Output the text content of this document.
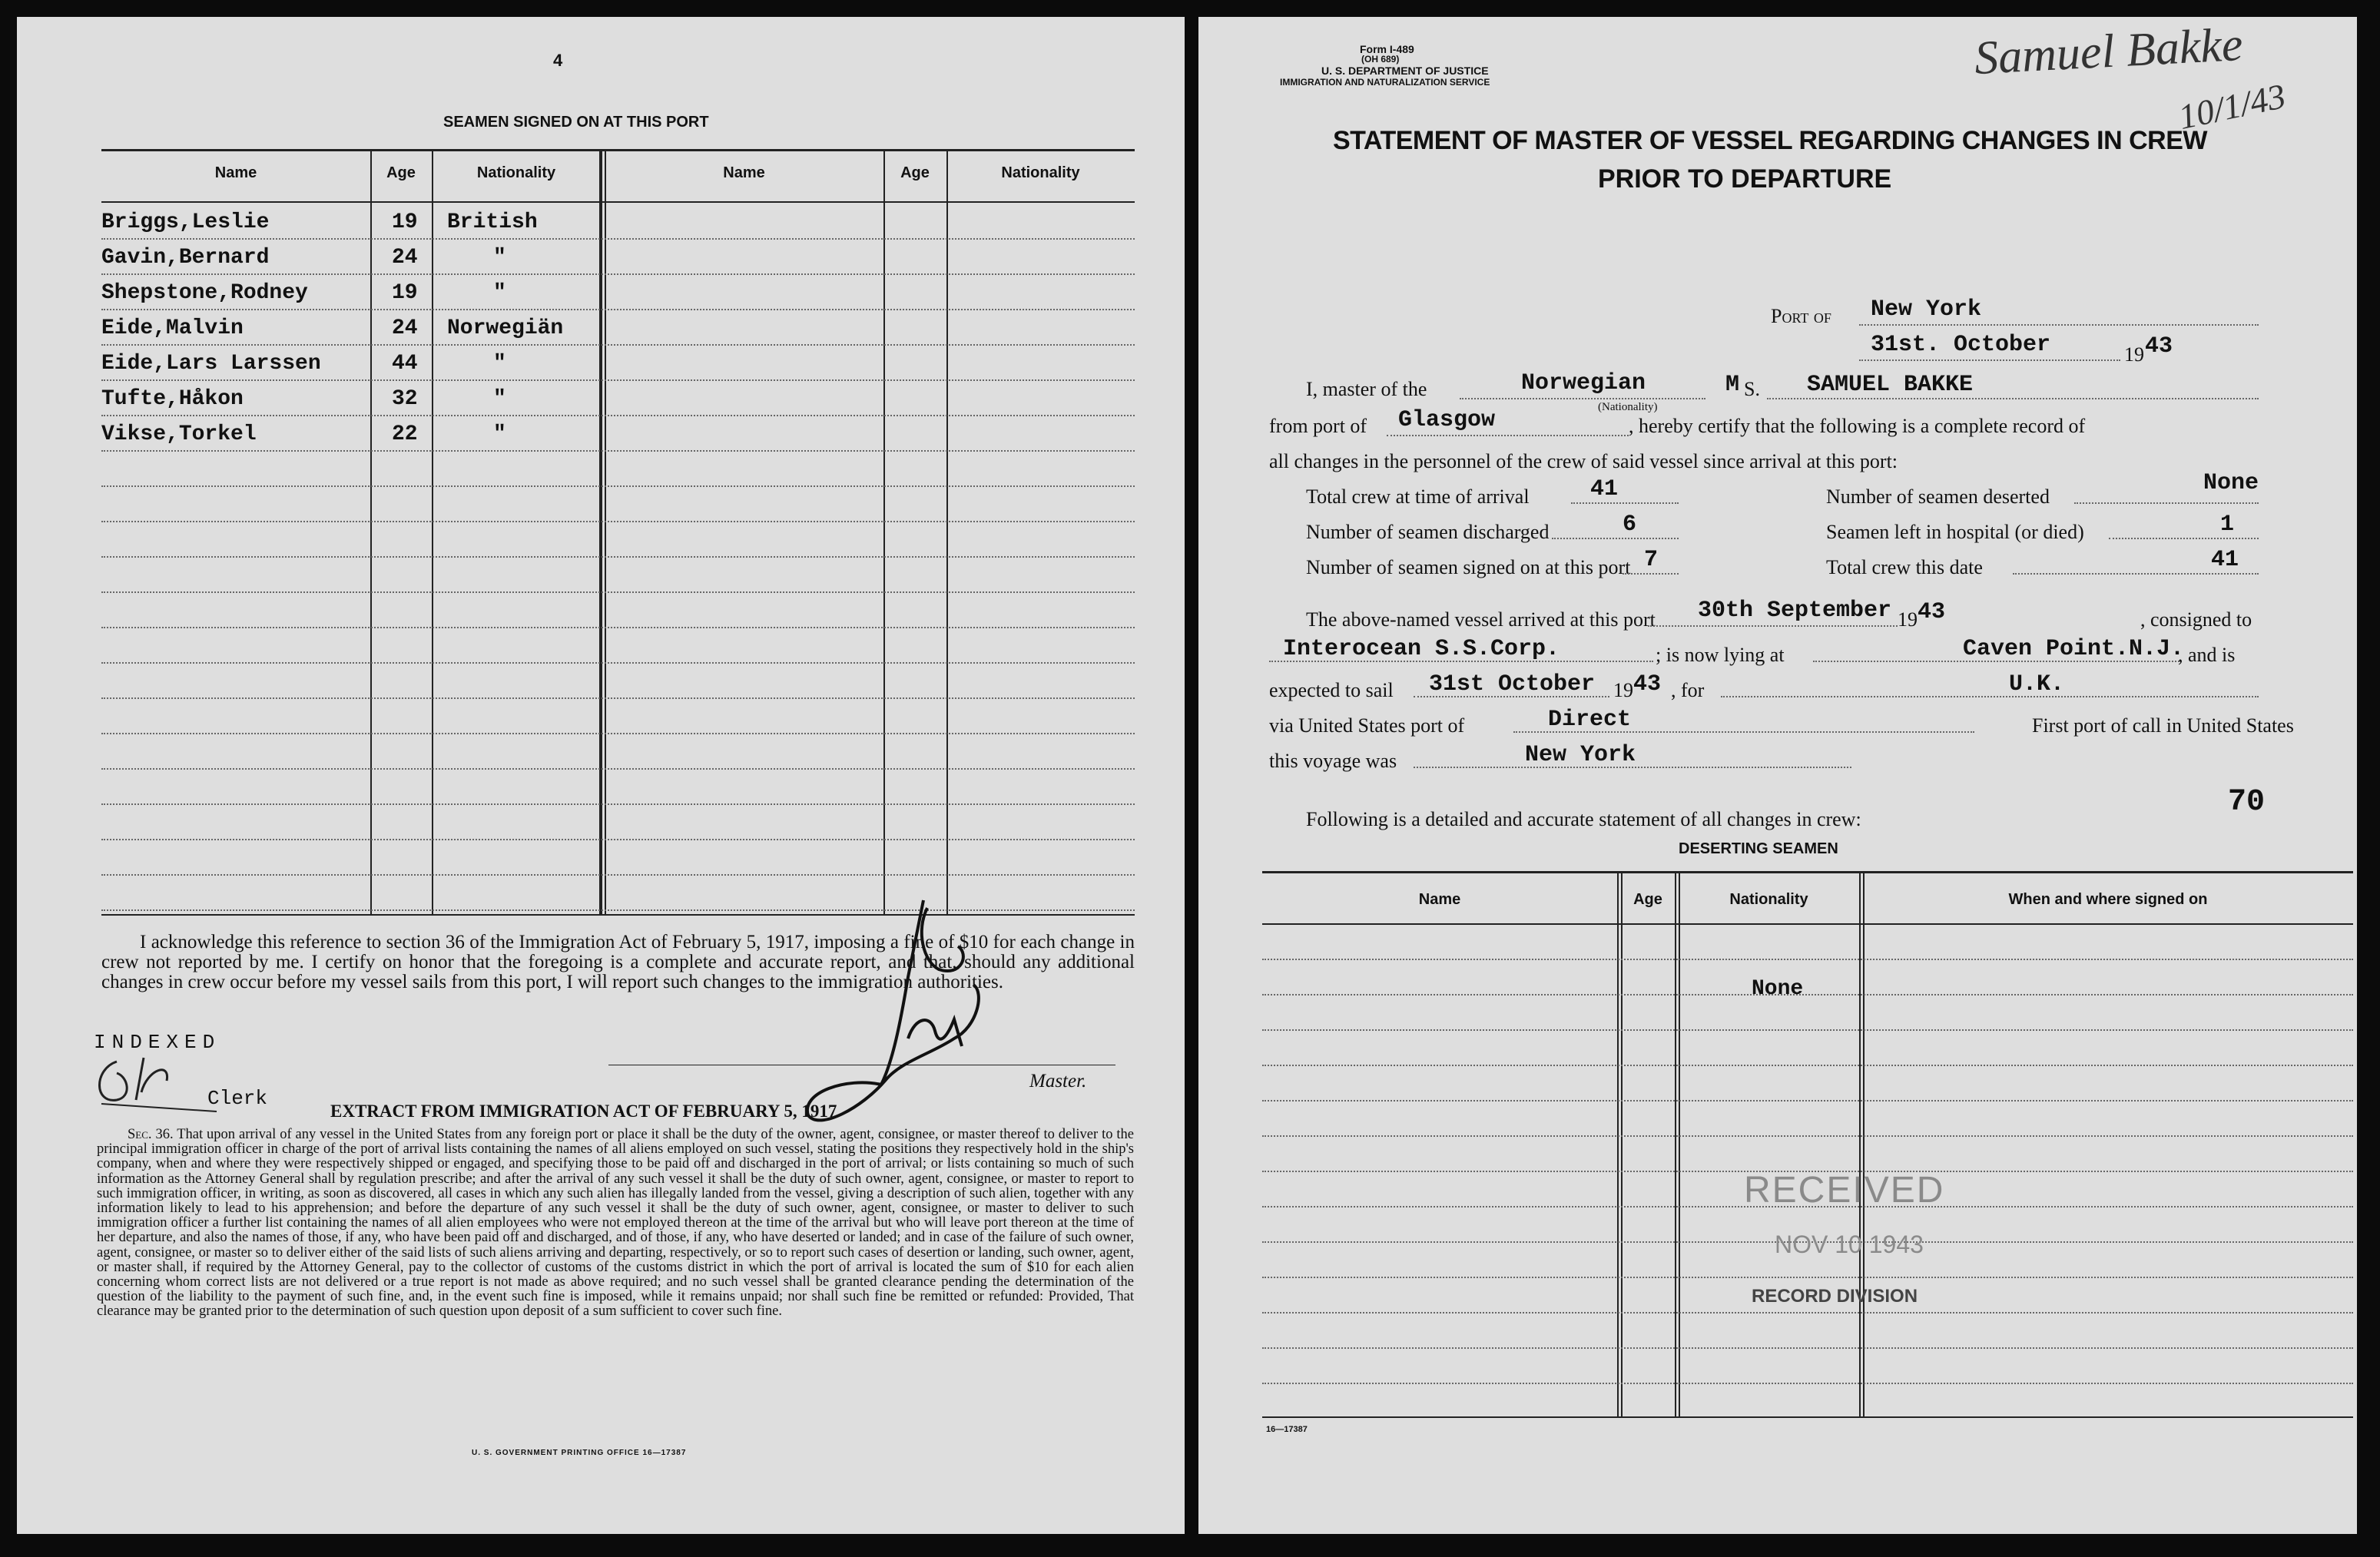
4
SEAMEN SIGNED ON AT THIS PORT
Name	Age	Nationality	Name	Age	Nationality
Briggs,Leslie	19 British
Gavin,Bernard	24	"
Shepstone,Rodney	19	"
Eide,Malvin	24 Norwegiän
Eide,Lars Larssen	44	"
Tufte,Håkon	32	"
Vikse,Torkel	22	"
I acknowledge this reference to section 36 of the Immigration Act of February 5, 1917, imposing a fine of $10 for each change in crew not reported by me. I certify on honor that the foregoing is a complete and accurate report, and that, should any additional changes in crew occur before my vessel sails from this port, I will report such changes to the immigration authorities.
INDEXED
Clerk
Master.
EXTRACT FROM IMMIGRATION ACT OF FEBRUARY 5, 1917
Sec. 36. That upon arrival of any vessel in the United States from any foreign port or place it shall be the duty of the owner, agent, consignee, or master thereof to deliver to the principal immigration officer in charge of the port of arrival lists containing the names of all aliens employed on such vessel, stating the positions they respectively hold in the ship's company, when and where they were respectively shipped or engaged, and specifying those to be paid off and discharged in the port of arrival; or lists containing so much of such information as the Attorney General shall by regulation prescribe; and after the arrival of any such vessel it shall be the duty of such owner, agent, consignee, or master to report to such immigration officer, in writing, as soon as discovered, all cases in which any such alien has illegally landed from the vessel, giving a description of such alien, together with any information likely to lead to his apprehension; and before the departure of any such vessel it shall be the duty of such owner, agent, consignee, or master to deliver to such immigration officer a further list containing the names of all alien employees who were not employed thereon at the time of the arrival but who will leave port thereon at the time of her departure, and also the names of those, if any, who have been paid off and discharged, and of those, if any, who have deserted or landed; and in case of the failure of such owner, agent, consignee, or master so to deliver either of the said lists of such aliens arriving and departing, respectively, or so to report such cases of desertion or landing, such owner, agent, or master shall, if required by the Attorney General, pay to the collector of customs of the customs district in which the port of arrival is located the sum of $10 for each alien concerning whom correct lists are not delivered or a true report is not made as above required; and no such vessel shall be granted clearance pending the determination of the question of the liability to the payment of such fine, and, in the event such fine is imposed, while it remains unpaid; nor shall such fine be remitted or refunded: Provided, That clearance may be granted prior to the determination of such question upon deposit of a sum sufficient to cover such fine.
U. S. GOVERNMENT PRINTING OFFICE 16—17387
Form I-489
(OH 689)
U. S. DEPARTMENT OF JUSTICE
IMMIGRATION AND NATURALIZATION SERVICE	Samuel Bakke
10/1/43
STATEMENT OF MASTER OF VESSEL REGARDING CHANGES IN CREW
PRIOR TO DEPARTURE
Port of New York
31st. October	19 43
I, master of the	Norwegian
(Nationality)
M S. SAMUEL BAKKE
from port of Glasgow	, hereby certify that the following is a complete record of
all changes in the personnel of the crew of said vessel since arrival at this port:
Total crew at time of arrival	41	Number of seamen deserted
None
Number of seamen discharged	6	Seamen left in hospital (or died)	1
Number of seamen signed on at this port 7	Total crew this date	41
The above-named vessel arrived at this port 30th September 19 43	, consigned to
Interocean S.S.Corp.	; is now lying at	Caven Point.N.J.
, and is
expected to sail 31st October 19 43 , for	U.K.
via United States port of	Direct	First port of call in United States
this voyage was	New York
70
Following is a detailed and accurate statement of all changes in crew:
DESERTING SEAMEN
Name	Age	Nationality	When and where signed on
None
RECEIVED
NOV 10 1943
RECORD DIVISION
16—17387
